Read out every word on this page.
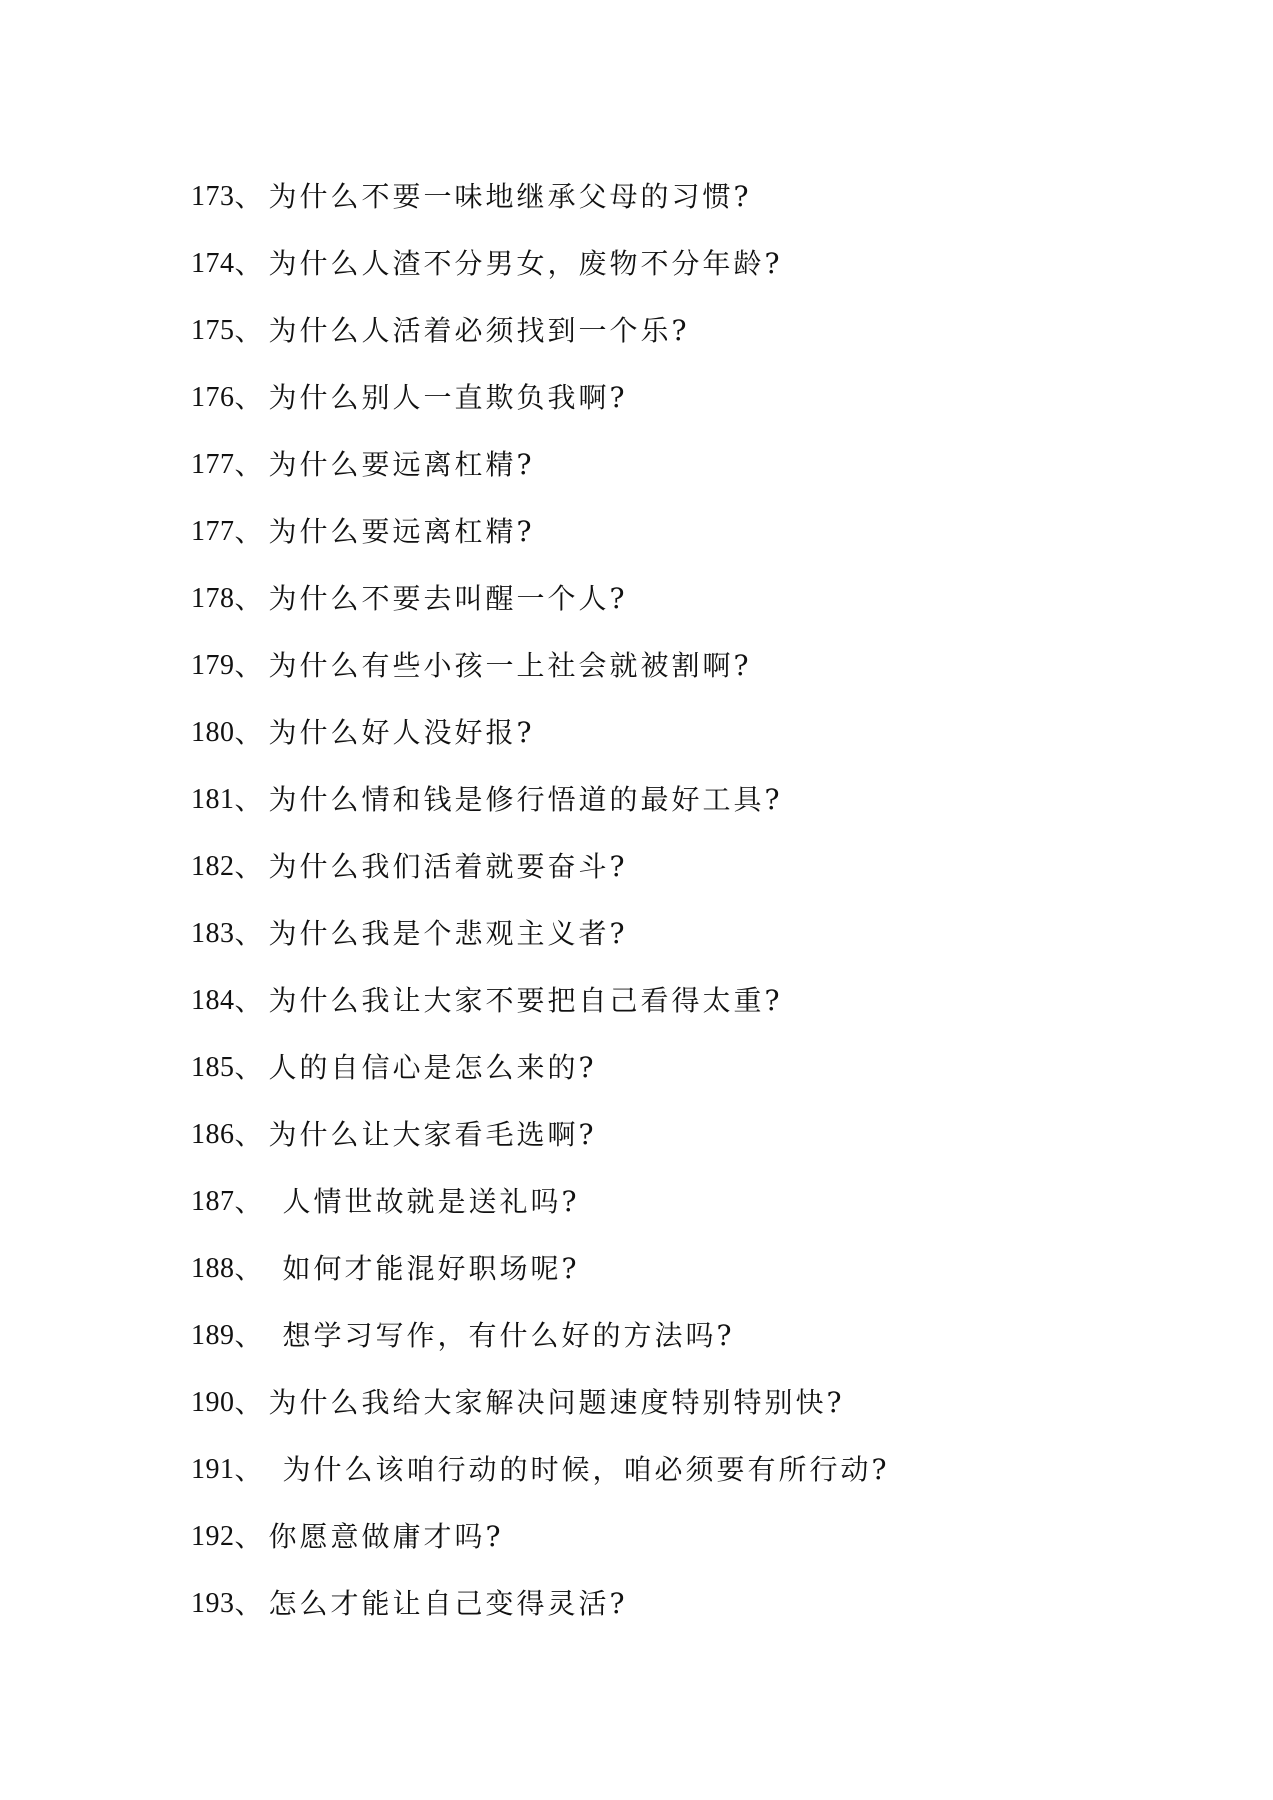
173 、 为什么不要一味地继承父母的习惯?
174 、 为什么人渣不分男女，废物不分年龄?
175 、 为什么人活着必须找到一个乐?
176 、 为什么别人一直欺负我啊?
177 、 为什么要远离杠精?
177 、 为什么要远离杠精?
178 、 为什么不要去叫醒一个人?
179 、 为什么有些小孩一上社会就被割啊?
180 、 为什么好人没好报?
181 、 为什么情和钱是修行悟道的最好工具?
182 、 为什么我们活着就要奋斗?
183 、 为什么我是个悲观主义者?
184 、 为什么我让大家不要把自己看得太重?
185 、 人的自信心是怎么来的?
186 、 为什么让大家看毛选啊?
187 、 人情世故就是送礼吗?
188 、 如何才能混好职场呢?
189 、 想学习写作，有什么好的方法吗?
190 、 为什么我给大家解决问题速度特别特别快?
191 、 为什么该咱行动的时候，咱必须要有所行动?
192 、 你愿意做庸才吗?
193 、 怎么才能让自己变得灵活?
